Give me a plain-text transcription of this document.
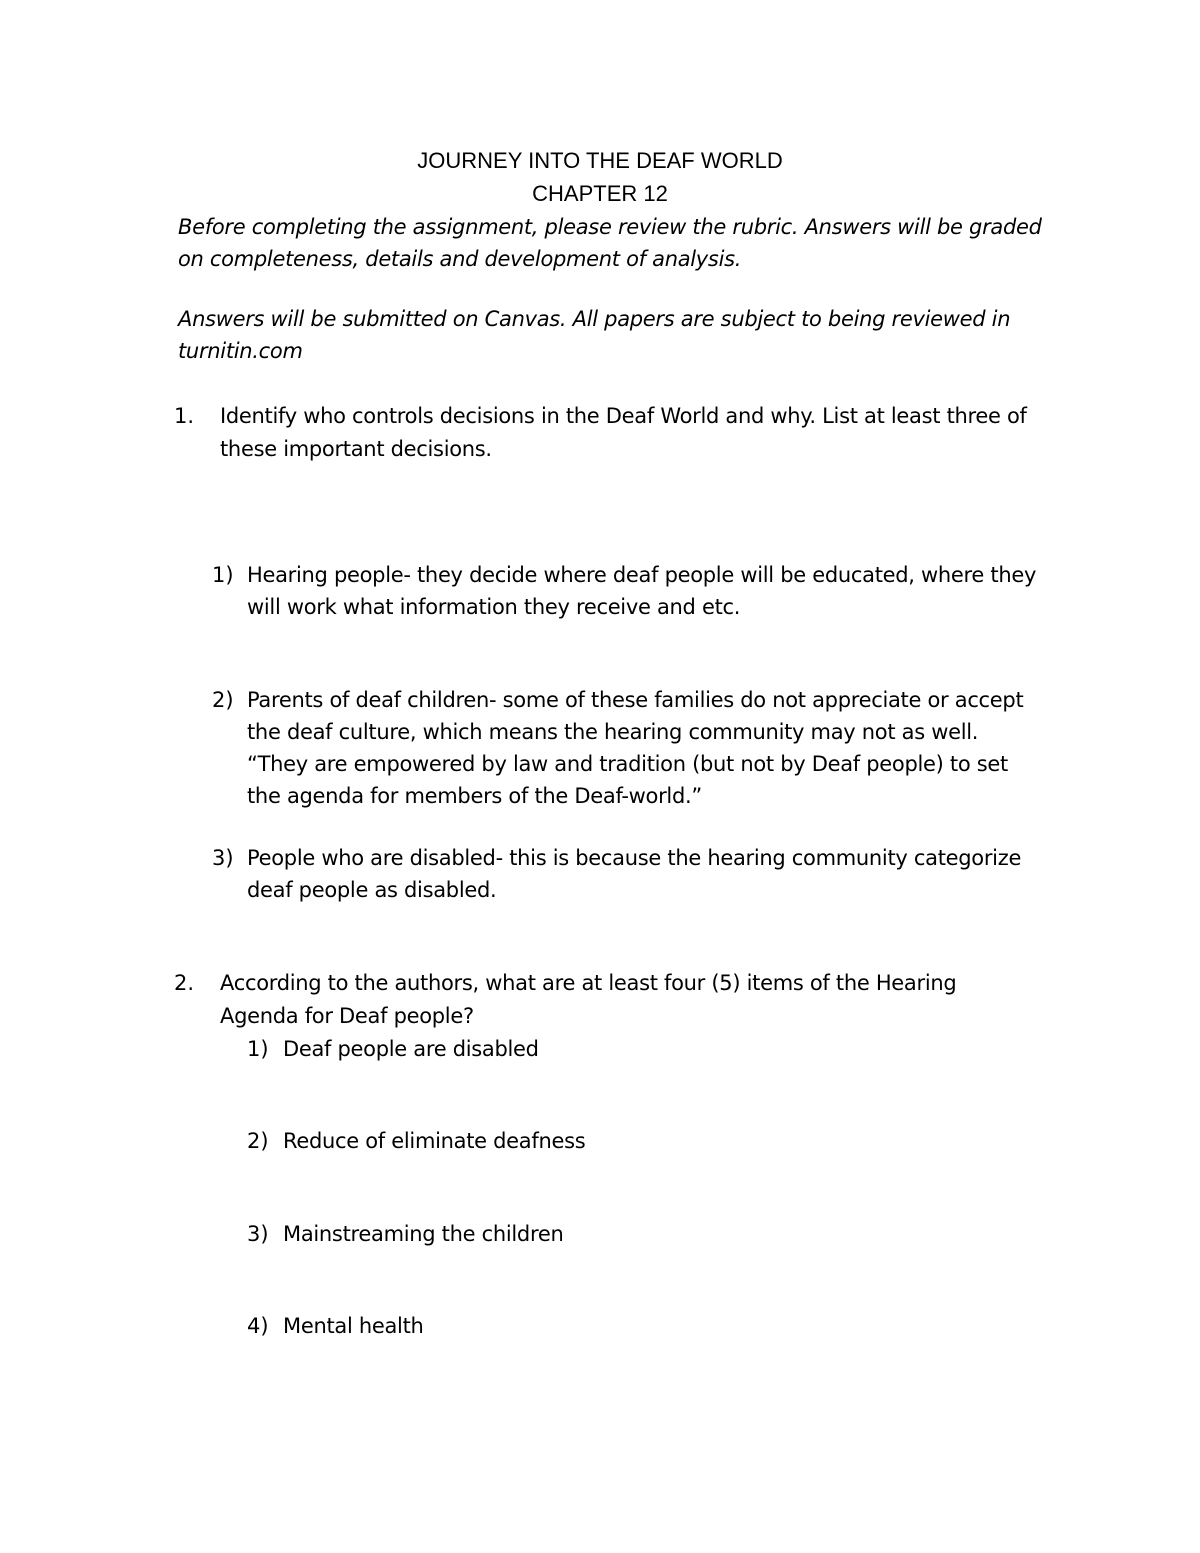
JOURNEY INTO THE DEAF WORLD
CHAPTER 12

Before completing the assignment, please review the rubric. Answers will be graded on completeness, details and development of analysis.

Answers will be submitted on Canvas. All papers are subject to being reviewed in turnitin.com

1. Identify who controls decisions in the Deaf World and why. List at least three of these important decisions.

1) Hearing people- they decide where deaf people will be educated, where they will work what information they receive and etc.

2) Parents of deaf children- some of these families do not appreciate or accept the deaf culture, which means the hearing community may not as well. “They are empowered by law and tradition (but not by Deaf people) to set the agenda for members of the Deaf-world.”

3) People who are disabled- this is because the hearing community categorize deaf people as disabled.

2. According to the authors, what are at least four (5) items of the Hearing Agenda for Deaf people?

1) Deaf people are disabled

2) Reduce of eliminate deafness

3) Mainstreaming the children

4) Mental health
